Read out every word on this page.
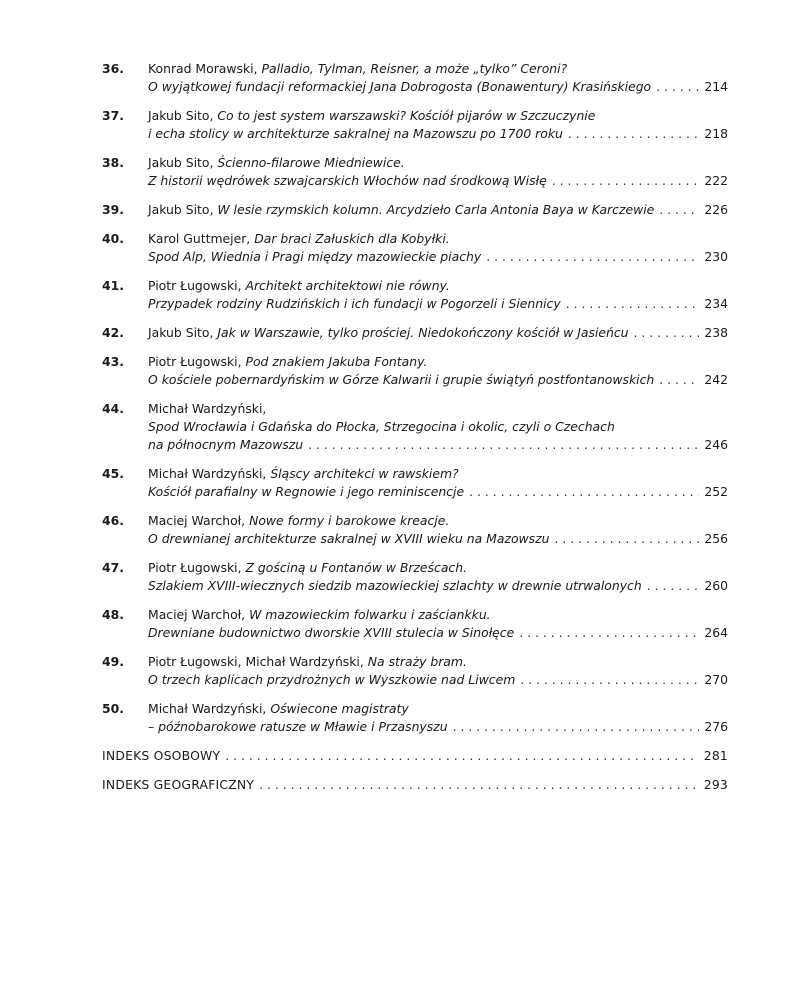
36. Konrad Morawski,
Palladio, Tylman, Reisner, a może „tylko” Ceroni?
O wyjątkowej fundacji reformackiej Jana Dobrogosta (Bonawentury) Krasińskiego . . .	214
37. Jakub Sito,
Co to jest system warszawski? Kościół pijarów w Szczuczynie
i echa stolicy w architekturze sakralnej na Mazowszu po 1700 roku . . .	218
38. Jakub Sito,
Ścienno-filarowe Miedniewice.
Z historii wędrówek szwajcarskich Włochów nad środkową Wisłę . . .	222
39. Jakub Sito,
W lesie rzymskich kolumn. Arcydzieło Carla Antonia Baya w Karczewie . . .	226
40. Karol Guttmejer,
Dar braci Załuskich dla Kobyłki.
Spod Alp, Wiednia i Pragi między mazowieckie piachy . . .	230
41. Piotr Ługowski,
Architekt architektowi nie równy.
Przypadek rodziny Rudzińskich i ich fundacji w Pogorzeli i Siennicy . . .	234
42. Jakub Sito,
Jak w Warszawie, tylko prościej. Niedokończony kościół w Jasieńcu . . .	238
43. Piotr Ługowski,
Pod znakiem Jakuba Fontany.
O kościele pobernardyńskim w Górze Kalwarii i grupie świątyń postfontanowskich . . .	242
44. Michał Wardzyński,
Spod Wrocławia i Gdańska do Płocka, Strzegocina i okolic, czyli o Czechach
na północnym Mazowszu . . .	246
45. Michał Wardzyński,
Śląscy architekci w rawskiem?
Kościół parafialny w Regnowie i jego reminiscencje . . .	252
46. Maciej Warchoł,
Nowe formy i barokowe kreacje.
O drewnianej architekturze sakralnej w XVIII wieku na Mazowszu . . .	256
47. Piotr Ługowski,
Z gościną u Fontanów w Brześcach.
Szlakiem XVIII-wiecznych siedzib mazowieckiej szlachty w drewnie utrwalonych . . .	260
48. Maciej Warchoł,
W mazowieckim folwarku i zaściankku.
Drewniane budownictwo dworskie XVIII stulecia w Sinołęce . . .	264
49. Piotr Ługowski, Michał Wardzyński,
Na straży bram.
O trzech kaplicach przydrożnych w Wyszkowie nad Liwcem . . .	270
50. Michał Wardzyński,
Oświecone magistraty
– późnobarokowe ratusze w Mławie i Przasnyszu . . .	276
INDEKS OSOBOWY . . .	281
INDEKS GEOGRAFICZNY . . .	293
